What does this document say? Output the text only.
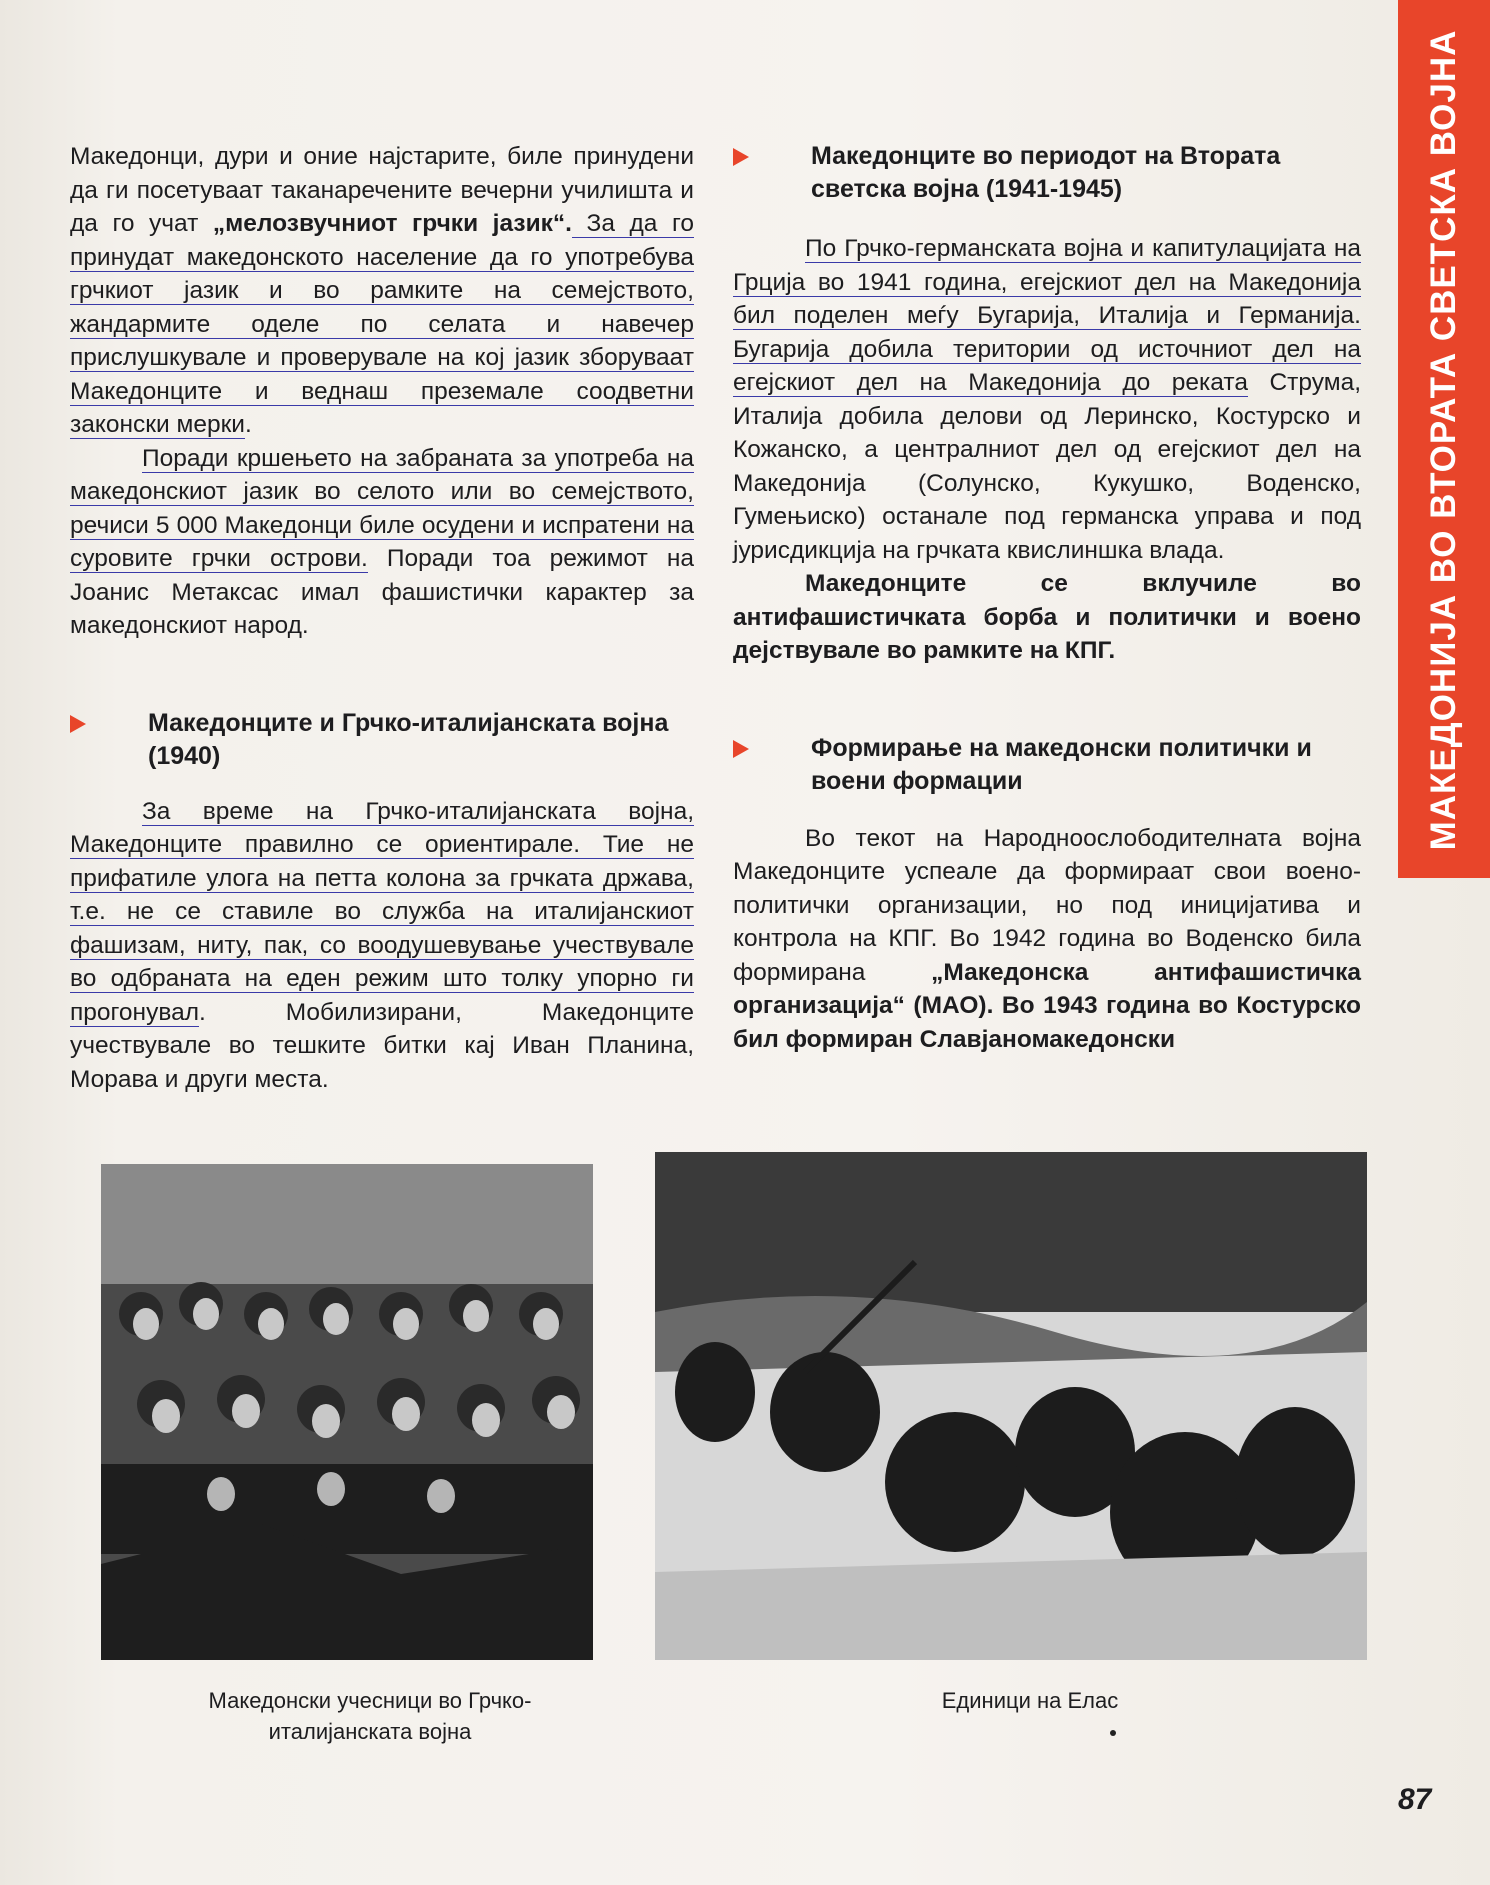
МАКЕДОНИЈА ВО ВТОРАТА СВЕТСКА ВОЈНА

Македонци, дури и оние најстарите, биле принудени да ги посетуваат таканаречените вечерни училишта и да го учат „мелозвучниот грчки јазик“. За да го принудат македонското население да го употребува грчкиот јазик и во рамките на семејството, жандармите оделе по селата и навечер прислушкувале и проверувале на кој јазик зборуваат Македонците и веднаш преземале соодветни законски мерки.

Поради кршењето на забраната за употреба на македонскиот јазик во селото или во семејството, речиси 5 000 Македонци биле осудени и испратени на суровите грчки острови. Поради тоа режимот на Јоанис Метаксас имал фашистички карактер за македонскиот народ.

Македонците и Грчко-италијанската војна (1940)

За време на Грчко-италијанската војна, Македонците правилно се ориентирале. Тие не прифатиле улога на петта колона за грчката држава, т.е. не се ставиле во служба на италијанскиот фашизам, ниту, пак, со воодушевување учествувале во одбраната на еден режим што толку упорно ги прогонувал. Мобилизирани, Македонците учествувале во тешките битки кај Иван Планина, Морава и други места.

Македонците во периодот на Втората светска војна (1941-1945)

По Грчко-германската војна и капитулацијата на Грција во 1941 година, егејскиот дел на Македонија бил поделен меѓу Бугарија, Италија и Германија. Бугарија добила територии од источниот дел на егејскиот дел на Македонија до реката Струма, Италија добила делови од Леринско, Костурско и Кожанско, а централниот дел од егејскиот дел на Македонија (Солунско, Кукушко, Воденско, Гумењиско) останале под германска управа и под јурисдикција на грчката квислиншка влада.

Македонците се вклучиле во антифашистичката борба и политички и воено дејствувале во рамките на КПГ.

Формирање на македонски политички и воени формации

Во текот на Народноослободителната војна Македонците успеале да формираат свои воено-политички организации, но под иницијатива и контрола на КПГ. Во 1942 година во Воденско била формирана „Македонска антифашистичка организација“ (МАО). Во 1943 година во Костурско бил формиран Славјаномакедонски

Македонски учесници во Грчко-италијанската војна
Единици на Елас
87
